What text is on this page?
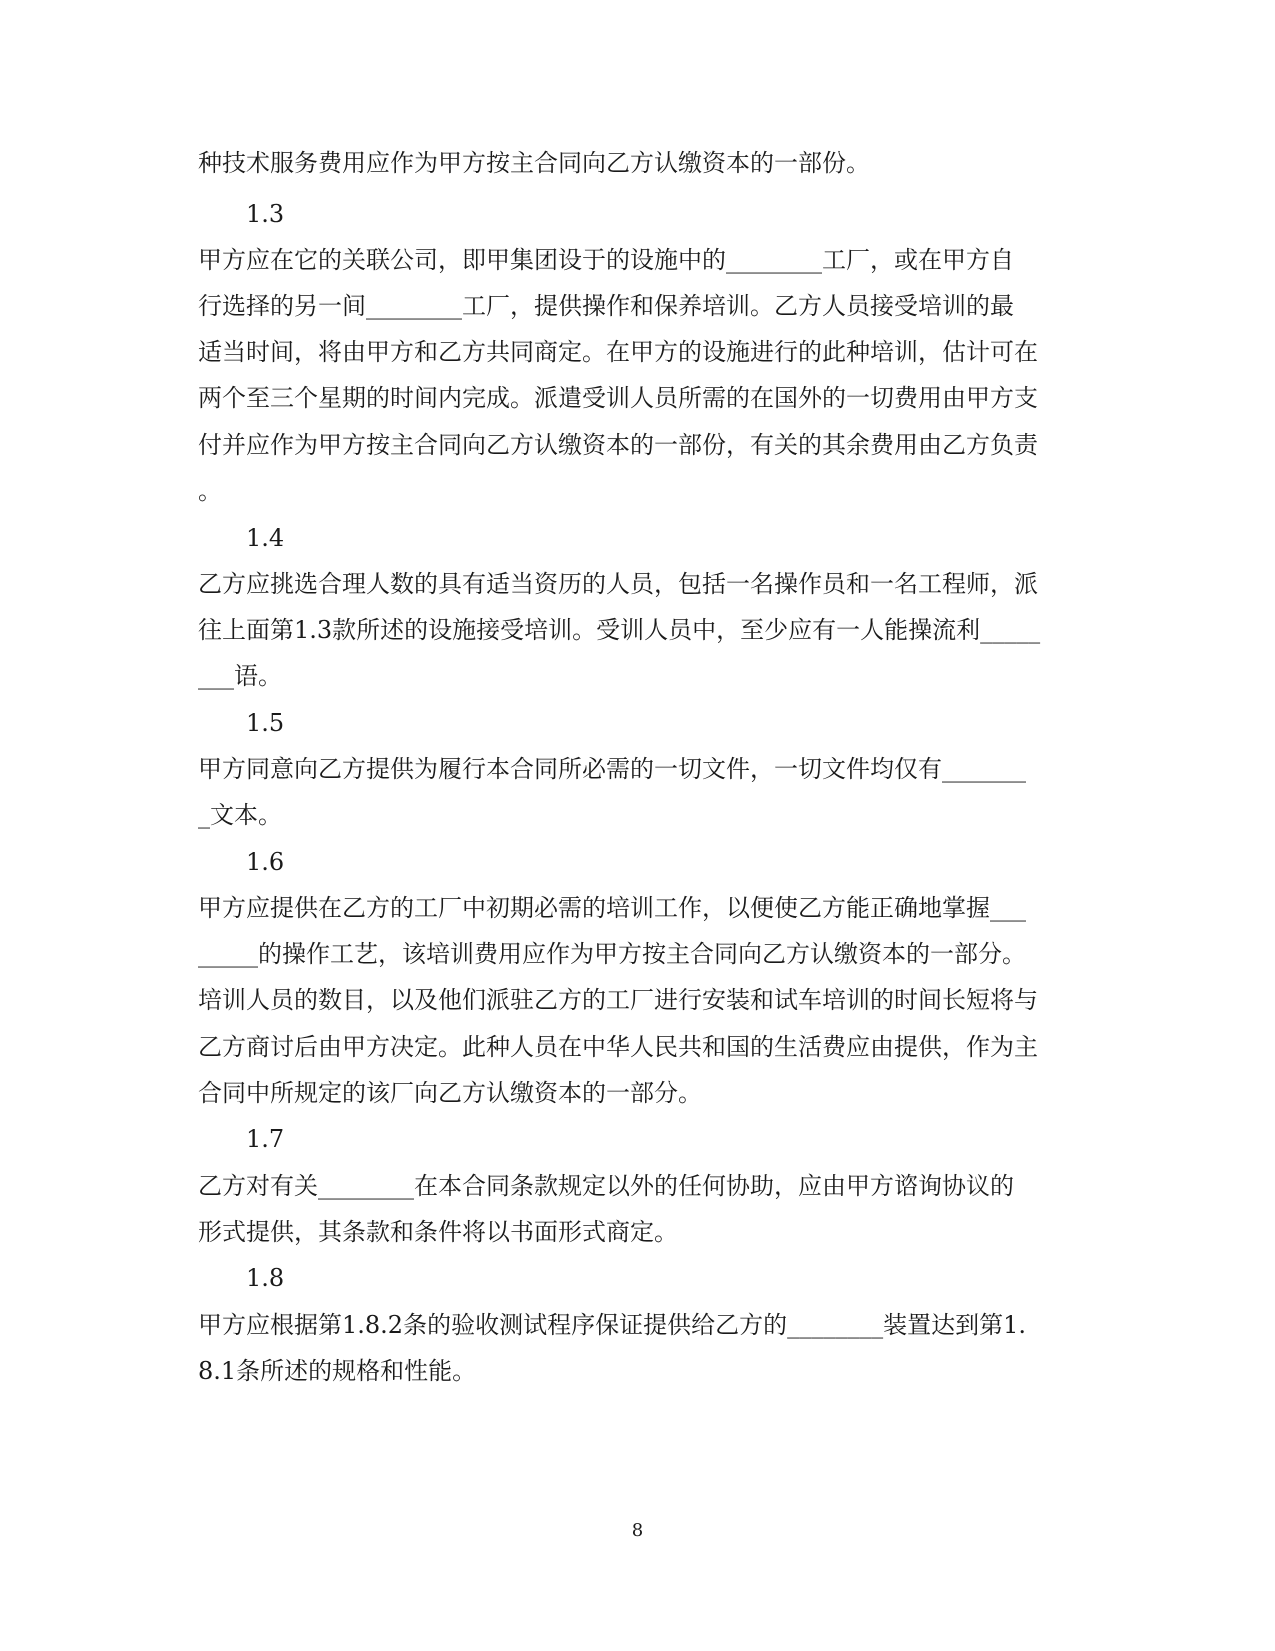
种技术服务费用应作为甲方按主合同向乙方认缴资本的一部份。
1.3
甲方应在它的关联公司，即甲集团设于的设施中的________工厂，或在甲方自
行选择的另一间________工厂，提供操作和保养培训。乙方人员接受培训的最
适当时间，将由甲方和乙方共同商定。在甲方的设施进行的此种培训，估计可在
两个至三个星期的时间内完成。派遣受训人员所需的在国外的一切费用由甲方支
付并应作为甲方按主合同向乙方认缴资本的一部份，有关的其余费用由乙方负责
。
1.4
乙方应挑选合理人数的具有适当资历的人员，包括一名操作员和一名工程师，派
往上面第1.3款所述的设施接受培训。受训人员中，至少应有一人能操流利_____
___语。
1.5
甲方同意向乙方提供为履行本合同所必需的一切文件，一切文件均仅有_______
_文本。
1.6
甲方应提供在乙方的工厂中初期必需的培训工作，以便使乙方能正确地掌握___
_____的操作工艺，该培训费用应作为甲方按主合同向乙方认缴资本的一部分。
培训人员的数目，以及他们派驻乙方的工厂进行安装和试车培训的时间长短将与
乙方商讨后由甲方决定。此种人员在中华人民共和国的生活费应由提供，作为主
合同中所规定的该厂向乙方认缴资本的一部分。
1.7
乙方对有关________在本合同条款规定以外的任何协助，应由甲方谘询协议的
形式提供，其条款和条件将以书面形式商定。
1.8
甲方应根据第1.8.2条的验收测试程序保证提供给乙方的________装置达到第1.
8.1条所述的规格和性能。
8
